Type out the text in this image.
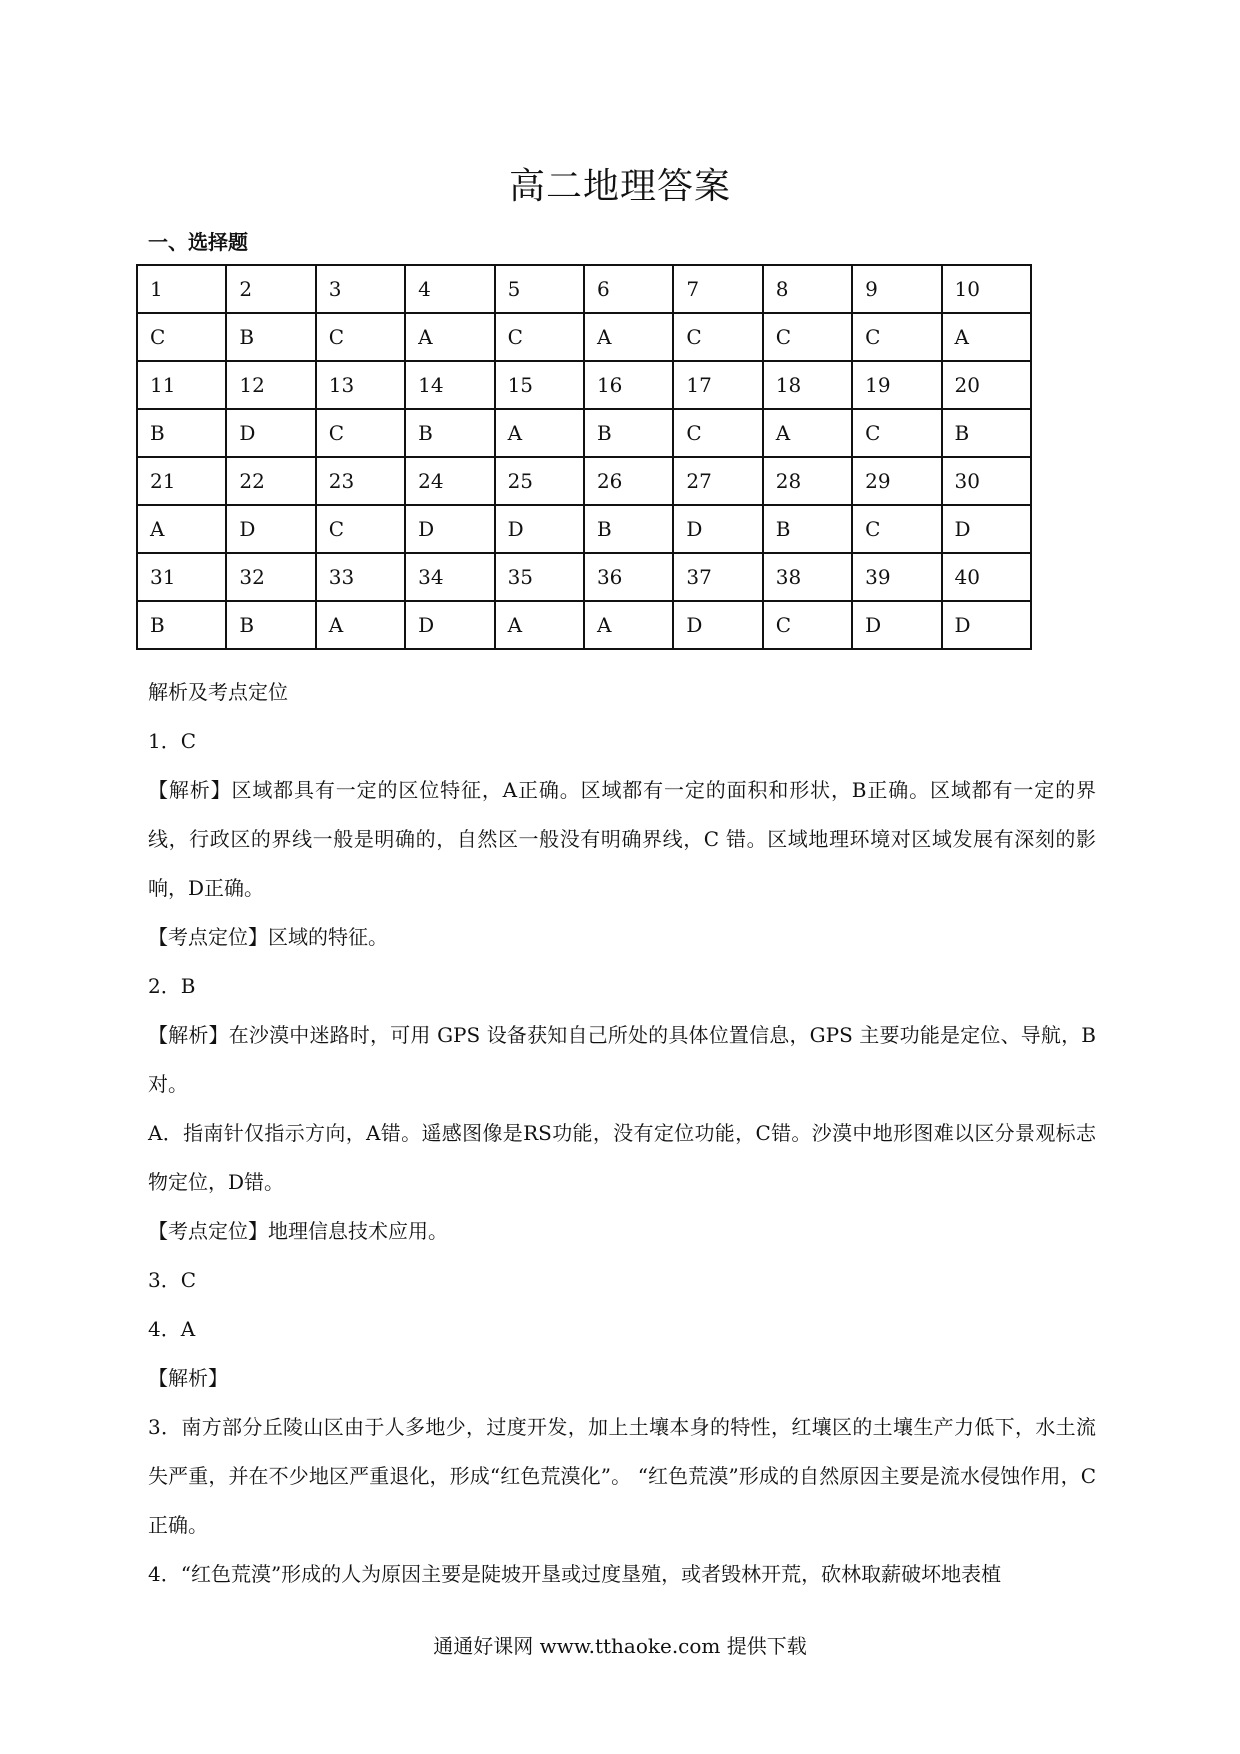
高二地理答案
一、选择题
1	2	3	4	5	6	7	8	9	10
C	B	C	A	C	A	C	C	C	A
11	12	13	14	15	16	17	18	19	20
B	D	C	B	A	B	C	A	C	B
21	22	23	24	25	26	27	28	29	30
A	D	C	D	D	B	D	B	C	D
31	32	33	34	35	36	37	38	39	40
B	B	A	D	A	A	D	C	D	D

解析及考点定位

1．C

【解析】区域都具有一定的区位特征，A正确。区域都有一定的面积和形状，B正确。区域都有一定的界线，行政区的界线一般是明确的，自然区一般没有明确界线，C 错。区域地理环境对区域发展有深刻的影响，D正确。

【考点定位】区域的特征。

2．B

【解析】在沙漠中迷路时，可用 GPS 设备获知自己所处的具体位置信息，GPS 主要功能是定位、导航，B对。

A．指南针仅指示方向，A错。遥感图像是RS功能，没有定位功能，C错。沙漠中地形图难以区分景观标志物定位，D错。

【考点定位】地理信息技术应用。

3．C

4．A

【解析】

3．南方部分丘陵山区由于人多地少，过度开发，加上土壤本身的特性，红壤区的土壤生产力低下，水土流失严重，并在不少地区严重退化，形成“红色荒漠化”。 “红色荒漠”形成的自然原因主要是流水侵蚀作用，C正确。

4．“红色荒漠”形成的人为原因主要是陡坡开垦或过度垦殖，或者毁林开荒，砍林取薪破坏地表植

通通好课网 www.tthaoke.com 提供下载
